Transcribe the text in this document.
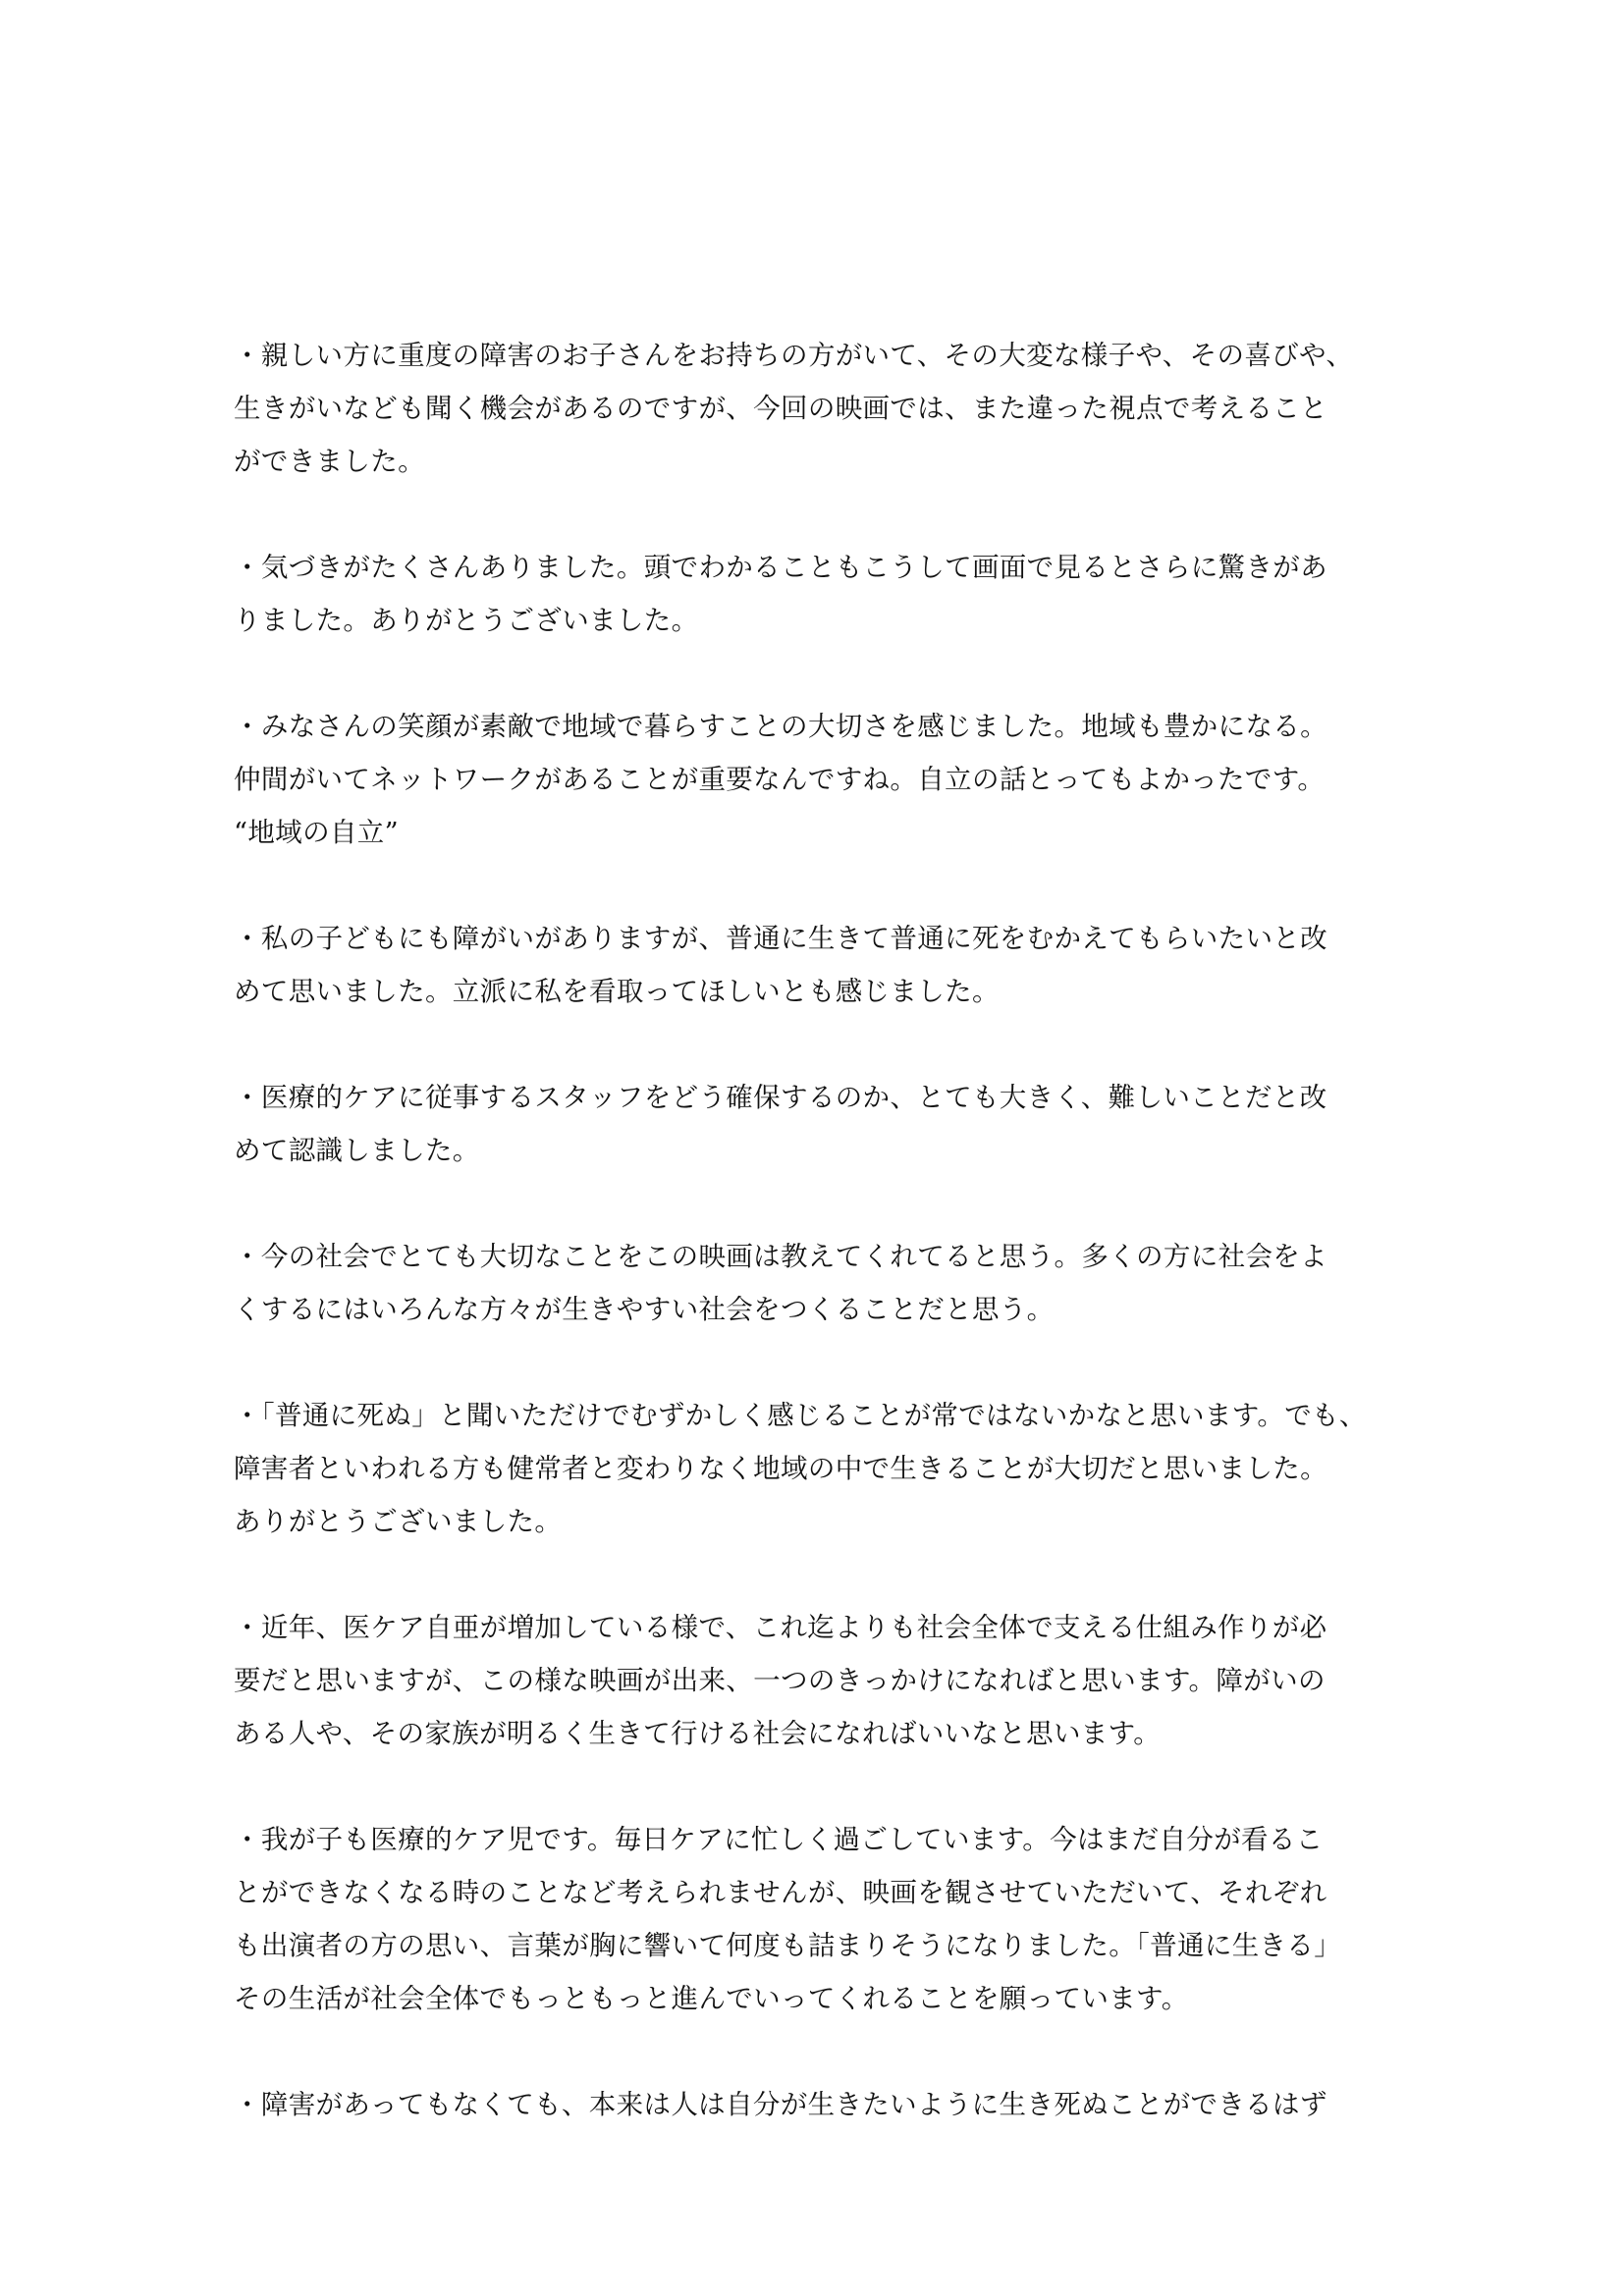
・親しい方に重度の障害のお子さんをお持ちの方がいて、その大変な様子や、その喜びや、
生きがいなども聞く機会があるのですが、今回の映画では、また違った視点で考えること
ができました。
・気づきがたくさんありました。頭でわかることもこうして画面で見るとさらに驚きがあ
りました。ありがとうございました。
・みなさんの笑顔が素敵で地域で暮らすことの大切さを感じました。地域も豊かになる。
仲間がいてネットワークがあることが重要なんですね。自立の話とってもよかったです。
“地域の自立”
・私の子どもにも障がいがありますが、普通に生きて普通に死をむかえてもらいたいと改
めて思いました。立派に私を看取ってほしいとも感じました。
・医療的ケアに従事するスタッフをどう確保するのか、とても大きく、難しいことだと改
めて認識しました。
・今の社会でとても大切なことをこの映画は教えてくれてると思う。多くの方に社会をよ
くするにはいろんな方々が生きやすい社会をつくることだと思う。
・「普通に死ぬ」と聞いただけでむずかしく感じることが常ではないかなと思います。でも、
障害者といわれる方も健常者と変わりなく地域の中で生きることが大切だと思いました。
ありがとうございました。
・近年、医ケア自亜が増加している様で、これ迄よりも社会全体で支える仕組み作りが必
要だと思いますが、この様な映画が出来、一つのきっかけになればと思います。障がいの
ある人や、その家族が明るく生きて行ける社会になればいいなと思います。
・我が子も医療的ケア児です。毎日ケアに忙しく過ごしています。今はまだ自分が看るこ
とができなくなる時のことなど考えられませんが、映画を観させていただいて、それぞれ
も出演者の方の思い、言葉が胸に響いて何度も詰まりそうになりました。「普通に生きる」
その生活が社会全体でもっともっと進んでいってくれることを願っています。
・障害があってもなくても、本来は人は自分が生きたいように生き死ぬことができるはず
